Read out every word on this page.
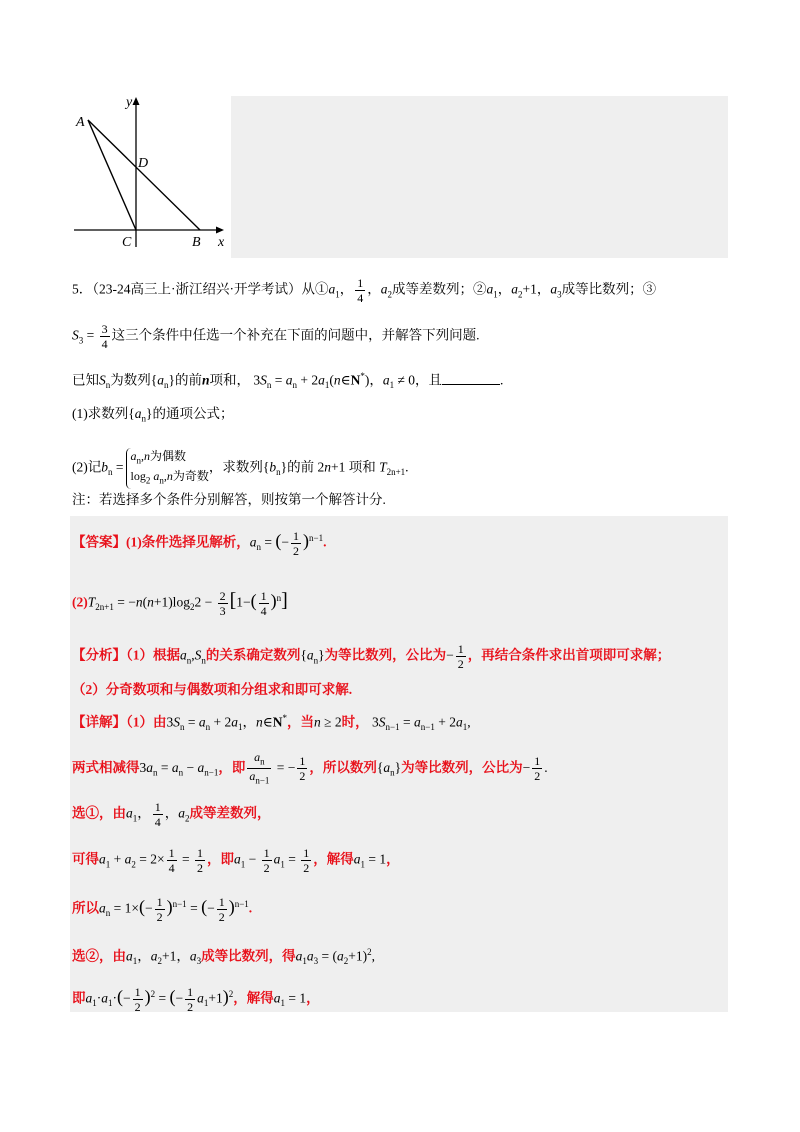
y
A
D
C	B x
5．（23-24高三上·浙江绍兴·开学考试）从$①a_1$， $\frac{1}{4}$ ，$a_2$成等差数列；$②a_1$，$a_2+1$，$a_3$成等比数列；③
$S_3 = \frac{3}{4}$ 这三个条件中任选一个补充在下面的问题中，并解答下列问题.
已知$S_n$为数列$\{a_n\}$的前n项和， $3S_n = a_n$ + $2a_1(n\in N^*)$，$a_1 \ne 0$，且	.
(1)求数列$\{a_n\}$的通项公式；
(2)记$b_n =a_n,n$为偶数
$\log_2 a_n,n$为奇数，求数列$\{b_n\}$的前 2n+1 项和 $T_{2n+1}$.
注：若选择多个条件分别解答，则按第一个解答计分.
【答案】(1)条件选择见解析，$a_n$ = (− $\frac{1}{2} )^{n-1}$.
$(2)T_{2n+1} = -n(n+1)\log_22 - \frac{2}{3} [1-( \frac{1}{4} )^n]$
【分析】（1）根据$a_n,S_n$的关系确定数列$\{a_n\}$为等比数列，公比为− $\frac{1}{2}$ ，再结合条件求出首项即可求解；
（2）分奇数项和与偶数项和分组求和即可求解.
【详解】（1）由$3S_n = a_n + 2a_1$，n∈N*，当n ≥ 2时， $3S_{n-1} = a_{n-1} + 2a_1$,
两式相减得$3a_n = a_n - a_{n-1}$，即 $\frac{a_n}{a_{n-1}}$ = − $\frac{1}{2}$ ，所以数列$\{a_n\}$为等比数列，公比为− $\frac{1}{2}$ .
选①，由$a_1$， $\frac{1}{4}$ ，$a_2$成等差数列，
可得$a_1 + a_2 = 2\times \frac{1}{4} = \frac{1}{2}$ ，即$a_1 - \frac{1}{2} a_1 = \frac{1}{2}$ ，解得$a_1 = 1$，
所以$a_n = 1\times(- \frac{1}{2} )^{n-1}$ = (− $\frac{1}{2} )^{n-1}$.
选②，由$a_1$，$a_2+1$，$a_3$成等比数列，得$a_1a_3 = (a_2+1)^2$,
即$a_1\cdot a_1\cdot(- \frac{1}{2} )^2$ = (− $\frac{1}{2} a_1+1)^2$，解得$a_1 = 1$，
